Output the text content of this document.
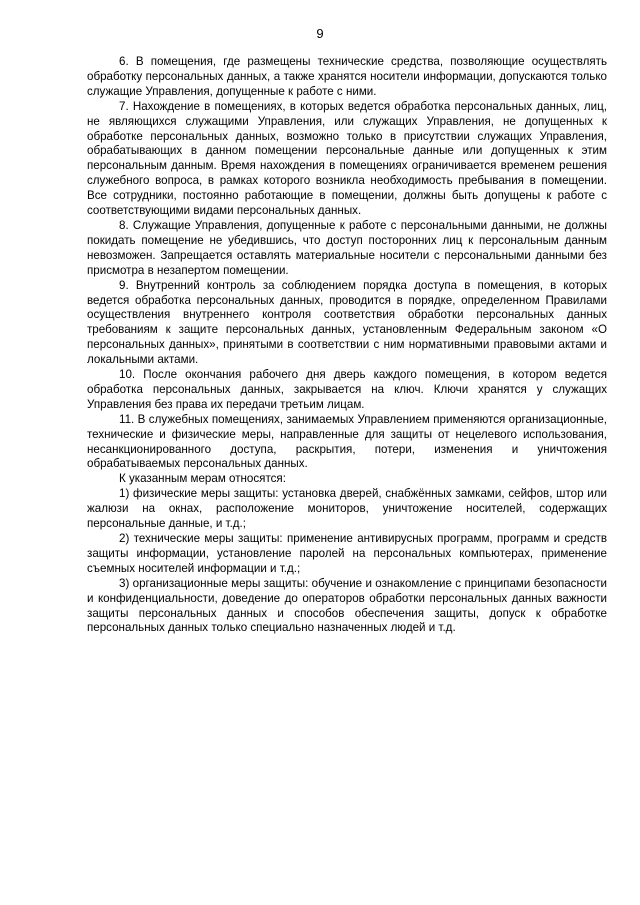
9

6. В помещения, где размещены технические средства, позволяющие осуществлять обработку персональных данных, а также хранятся носители информации, допускаются только служащие Управления, допущенные к работе с ними.

7. Нахождение в помещениях, в которых ведется обработка персональных данных, лиц, не являющихся служащими Управления, или служащих Управления, не допущенных к обработке персональных данных, возможно только в присутствии служащих Управления, обрабатывающих в данном помещении персональные данные или допущенных к этим персональным данным. Время нахождения в помещениях ограничивается временем решения служебного вопроса, в рамках которого возникла необходимость пребывания в помещении. Все сотрудники, постоянно работающие в помещении, должны быть допущены к работе с соответствующими видами персональных данных.

8. Служащие Управления, допущенные к работе с персональными данными, не должны покидать помещение не убедившись, что доступ посторонних лиц к персональным данным невозможен. Запрещается оставлять материальные носители с персональными данными без присмотра в незапертом помещении.

9. Внутренний контроль за соблюдением порядка доступа в помещения, в которых ведется обработка персональных данных, проводится в порядке, определенном Правилами осуществления внутреннего контроля соответствия обработки персональных данных требованиям к защите персональных данных, установленным Федеральным законом «О персональных данных», принятыми в соответствии с ним нормативными правовыми актами и локальными актами.

10. После окончания рабочего дня дверь каждого помещения, в котором ведется обработка персональных данных, закрывается на ключ. Ключи хранятся у служащих Управления без права их передачи третьим лицам.

11. В служебных помещениях, занимаемых Управлением применяются организационные, технические и физические меры, направленные для защиты от нецелевого использования, несанкционированного доступа, раскрытия, потери, изменения и уничтожения обрабатываемых персональных данных.

К указанным мерам относятся:

1) физические меры защиты: установка дверей, снабжённых замками, сейфов, штор или жалюзи на окнах, расположение мониторов, уничтожение носителей, содержащих персональные данные, и т.д.;

2) технические меры защиты: применение антивирусных программ, программ и средств защиты информации, установление паролей на персональных компьютерах, применение съемных носителей информации и т.д.;

3) организационные меры защиты: обучение и ознакомление с принципами безопасности и конфиденциальности, доведение до операторов обработки персональных данных важности защиты персональных данных и способов обеспечения защиты, допуск к обработке персональных данных только специально назначенных людей и т.д.
